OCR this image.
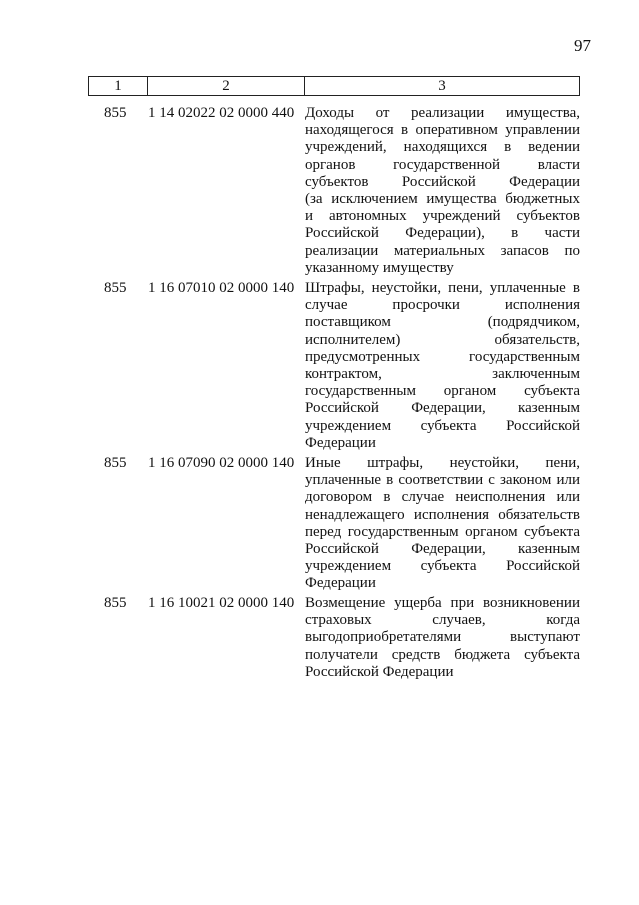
97
1	2	3
855	1 14 02022 02 0000 440 Доходы от реализации имущества,
находящегося в оперативном управлении
учреждений, находящихся в ведении
органов государственной власти
субъектов Российской Федерации
(за исключением имущества бюджетных
и автономных учреждений субъектов
Российской Федерации), в части
реализации материальных запасов по
указанному имуществу
855	1 16 07010 02 0000 140 Штрафы, неустойки, пени, уплаченные в
случае просрочки исполнения
поставщиком (подрядчиком,
исполнителем) обязательств,
предусмотренных государственным
контрактом, заключенным
государственным органом субъекта
Российской Федерации, казенным
учреждением субъекта Российской
Федерации
855	1 16 07090 02 0000 140 Иные штрафы, неустойки, пени,
уплаченные в соответствии с законом или
договором в случае неисполнения или
ненадлежащего исполнения обязательств
перед государственным органом субъекта
Российской Федерации, казенным
учреждением субъекта Российской
Федерации
855	1 16 10021 02 0000 140 Возмещение ущерба при возникновении
страховых случаев, когда
выгодоприобретателями выступают
получатели средств бюджета субъекта
Российской Федерации
